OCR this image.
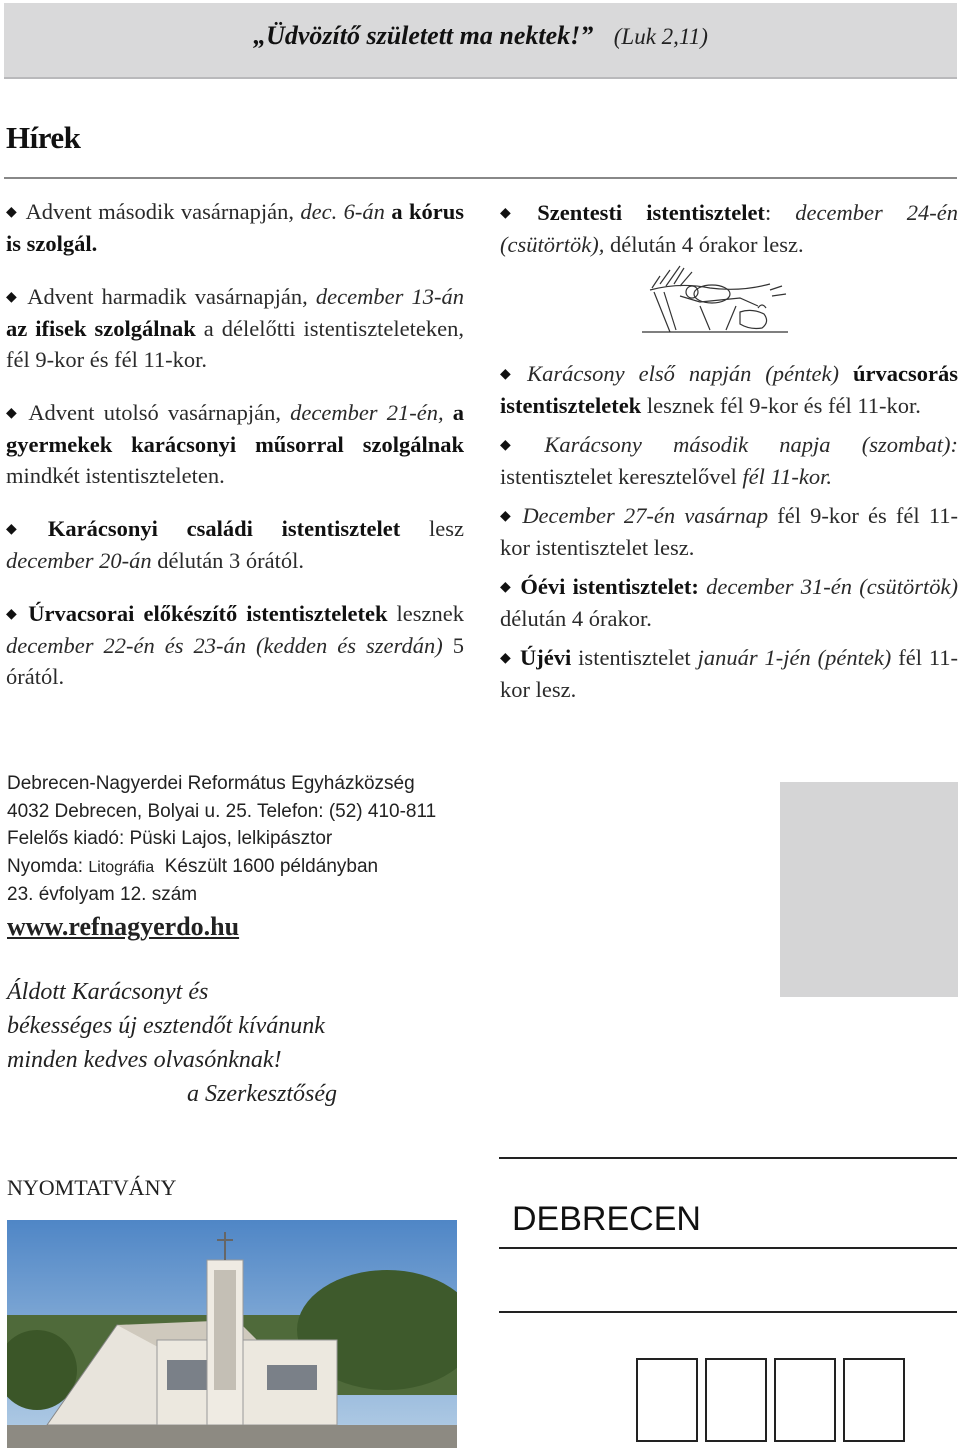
„Üdvözítő született ma nektek!” (Luk 2,11)
Hírek

◆ Advent második vasárnapján, dec. 6-án a kórus is szolgál.

◆ Advent harmadik vasárnapján, december 13-án az ifisek szolgálnak a délelőtti istentiszteleteken, fél 9-kor és fél 11-kor.

◆ Advent utolsó vasárnapján, december 21-én, a gyermekek karácsonyi műsorral szolgálnak mindkét istentiszteleten.

◆ Karácsonyi családi istentisztelet lesz december 20-án délután 3 órától.

◆ Úrvacsorai előkészítő istentiszteletek lesznek december 22-én és 23-án (kedden és szerdán) 5 órától.

◆ Szentesti istentisztelet: december 24-én (csütörtök), délután 4 órakor lesz.

◆ Karácsony első napján (péntek) úrvacsorás istentiszteletek lesznek fél 9-kor és fél 11-kor.

◆ Karácsony második napja (szombat): istentisztelet keresztelővel fél 11-kor.

◆ December 27-én vasárnap fél 9-kor és fél 11-kor istentisztelet lesz.

◆ Óévi istentisztelet: december 31-én (csütörtök) délután 4 órakor.

◆ Újévi istentisztelet január 1-jén (péntek) fél 11-kor lesz.

Debrecen-Nagyerdei Református Egyházközség
4032 Debrecen, Bolyai u. 25. Telefon: (52) 410-811
Felelős kiadó: Püski Lajos, lelkipásztor
Nyomda: Litográfia  Készült 1600 példányban
23. évfolyam 12. szám
www.refnagyerdo.hu
Áldott Karácsonyt és
békességes új esztendőt kívánunk
minden kedves olvasónknak!
a Szerkesztőség
NYOMTATVÁNY
DEBRECEN
